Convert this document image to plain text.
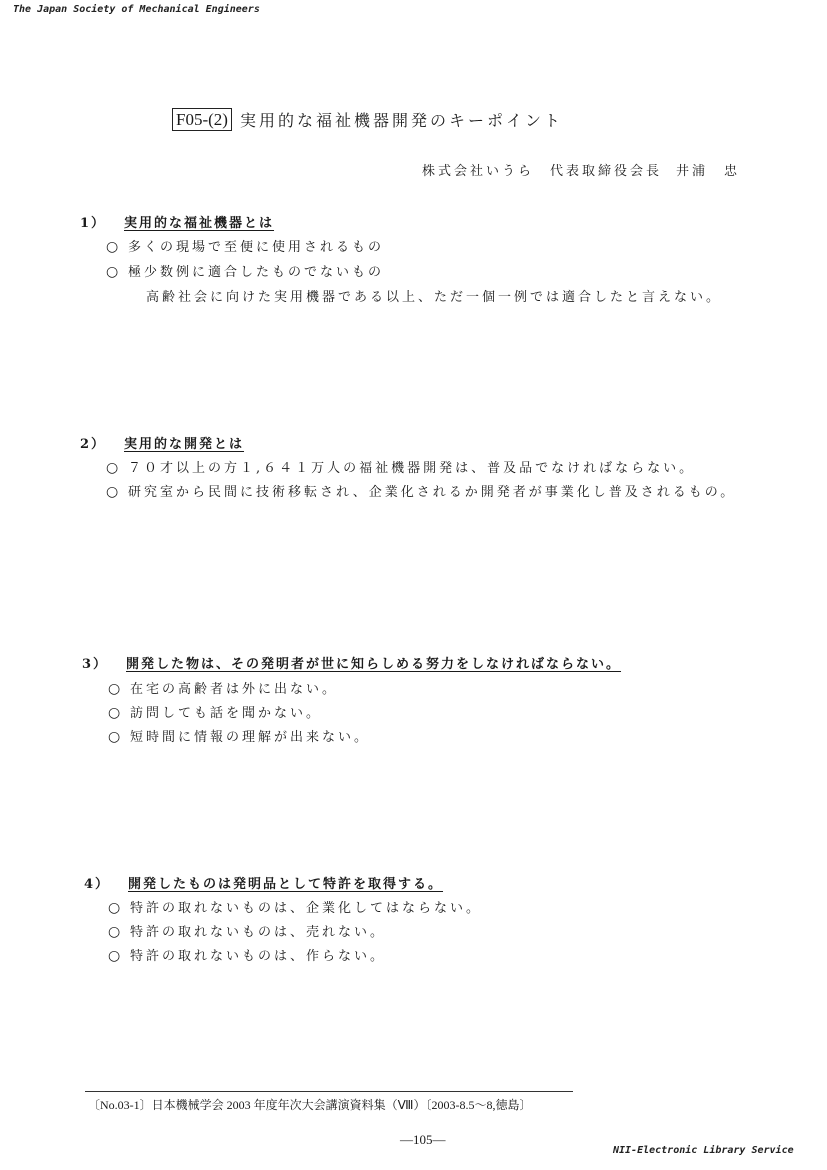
The Japan Society of Mechanical Engineers
F05-(2) 実用的な福祉機器開発のキーポイント
株式会社いうら　代表取締役会長 井浦　忠
1） 実用的な福祉機器とは
○ 多くの現場で至便に使用されるもの
○ 極少数例に適合したものでないもの
高齢社会に向けた実用機器である以上、ただ一個一例では適合したと言えない。
2） 実用的な開発とは
○ ７０才以上の方１,６４１万人の福祉機器開発は、普及品でなければならない。
○ 研究室から民間に技術移転され、企業化されるか開発者が事業化し普及されるもの。
3） 開発した物は、その発明者が世に知らしめる努力をしなければならない。
○ 在宅の高齢者は外に出ない。
○ 訪問しても話を聞かない。
○ 短時間に情報の理解が出来ない。
4） 開発したものは発明品として特許を取得する。
○ 特許の取れないものは、企業化してはならない。
○ 特許の取れないものは、売れない。
○ 特許の取れないものは、作らない。
〔No.03-1〕日本機械学会 2003 年度年次大会講演資料集（Ⅷ）〔2003-8.5～8,徳島〕
―105―
NII-Electronic Library Service
